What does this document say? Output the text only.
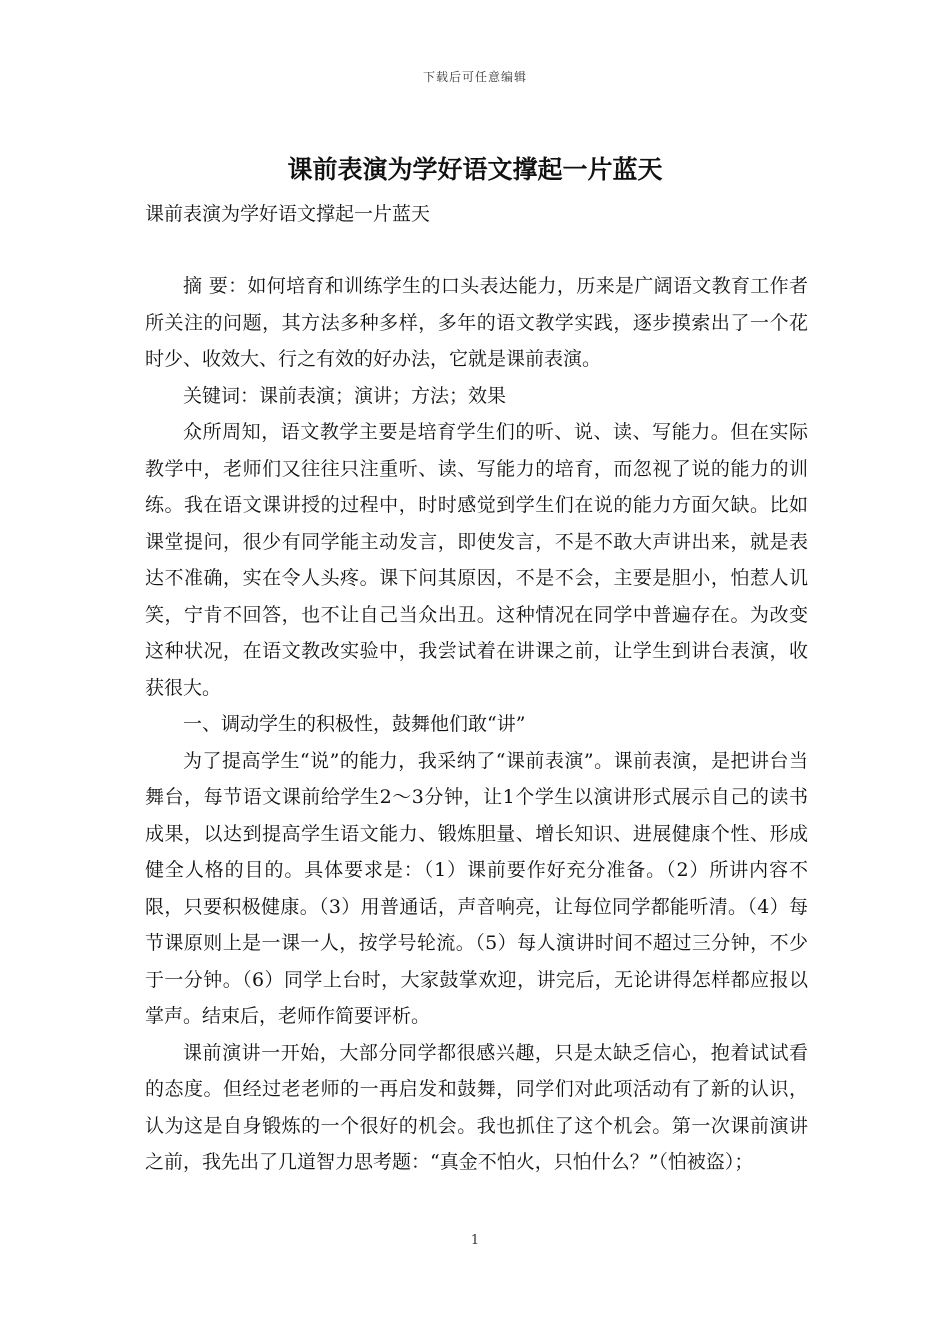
下载后可任意编辑
课前表演为学好语文撑起一片蓝天

课前表演为学好语文撑起一片蓝天

摘 要：如何培育和训练学生的口头表达能力，历来是广阔语文教育工作者所关注的问题，其方法多种多样，多年的语文教学实践，逐步摸索出了一个花时少、收效大、行之有效的好办法，它就是课前表演。

关键词：课前表演；演讲；方法；效果

众所周知，语文教学主要是培育学生们的听、说、读、写能力。但在实际教学中，老师们又往往只注重听、读、写能力的培育，而忽视了说的能力的训练。我在语文课讲授的过程中，时时感觉到学生们在说的能力方面欠缺。比如课堂提问，很少有同学能主动发言，即使发言，不是不敢大声讲出来，就是表达不准确，实在令人头疼。课下问其原因，不是不会，主要是胆小，怕惹人讥笑，宁肯不回答，也不让自己当众出丑。这种情况在同学中普遍存在。为改变这种状况，在语文教改实验中，我尝试着在讲课之前，让学生到讲台表演，收获很大。

一、调动学生的积极性，鼓舞他们敢“讲”

为了提高学生“说”的能力，我采纳了“课前表演”。课前表演，是把讲台当舞台，每节语文课前给学生2～3分钟，让1个学生以演讲形式展示自己的读书成果，以达到提高学生语文能力、锻炼胆量、增长知识、进展健康个性、形成健全人格的目的。具体要求是：（1）课前要作好充分准备。（2）所讲内容不限，只要积极健康。（3）用普通话，声音响亮，让每位同学都能听清。（4）每节课原则上是一课一人，按学号轮流。（5）每人演讲时间不超过三分钟，不少于一分钟。（6）同学上台时，大家鼓掌欢迎，讲完后，无论讲得怎样都应报以掌声。结束后，老师作简要评析。

课前演讲一开始，大部分同学都很感兴趣，只是太缺乏信心，抱着试试看的态度。但经过老老师的一再启发和鼓舞，同学们对此项活动有了新的认识，认为这是自身锻炼的一个很好的机会。我也抓住了这个机会。第一次课前演讲之前，我先出了几道智力思考题：“真金不怕火，只怕什么？”（怕被盗）；

1
